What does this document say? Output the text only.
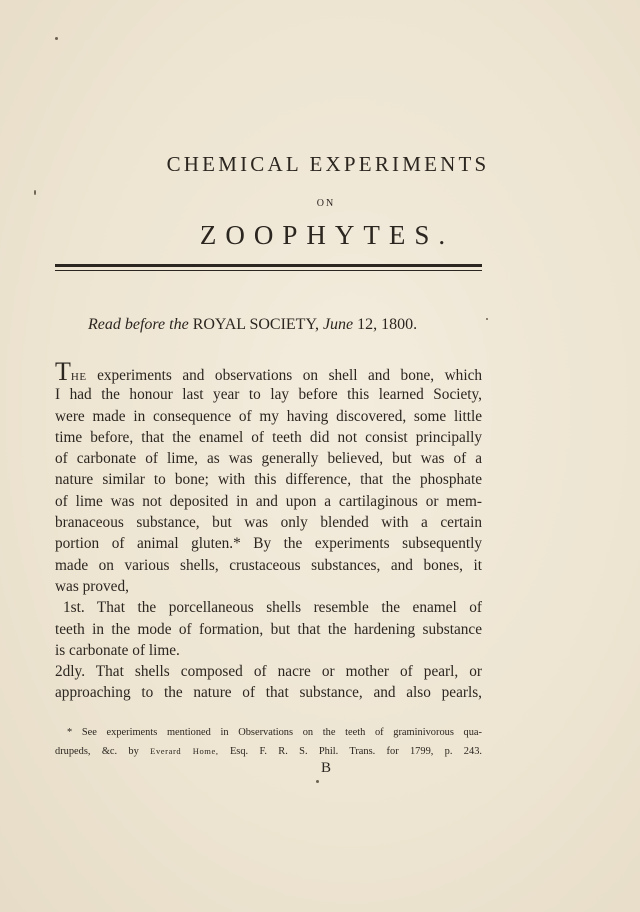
CHEMICAL EXPERIMENTS
ON
ZOOPHYTES.
Read before the ROYAL SOCIETY, June 12, 1800.
THE experiments and observations on shell and bone, which
I had the honour last year to lay before this learned Society,
were made in consequence of my having discovered, some little
time before, that the enamel of teeth did not consist principally
of carbonate of lime, as was generally believed, but was of a
nature similar to bone; with this difference, that the phosphate
of lime was not deposited in and upon a cartilaginous or mem-
branaceous substance, but was only blended with a certain
portion of animal gluten.* By the experiments subsequently
made on various shells, crustaceous substances, and bones, it
was proved,
1st. That the porcellaneous shells resemble the enamel of
teeth in the mode of formation, but that the hardening substance
is carbonate of lime.
2dly. That shells composed of nacre or mother of pearl, or
approaching to the nature of that substance, and also pearls,
* See experiments mentioned in Observations on the teeth of graminivorous qua-
drupeds, &c. by Everard Home, Esq. F. R. S. Phil. Trans. for 1799, p. 243.
B
